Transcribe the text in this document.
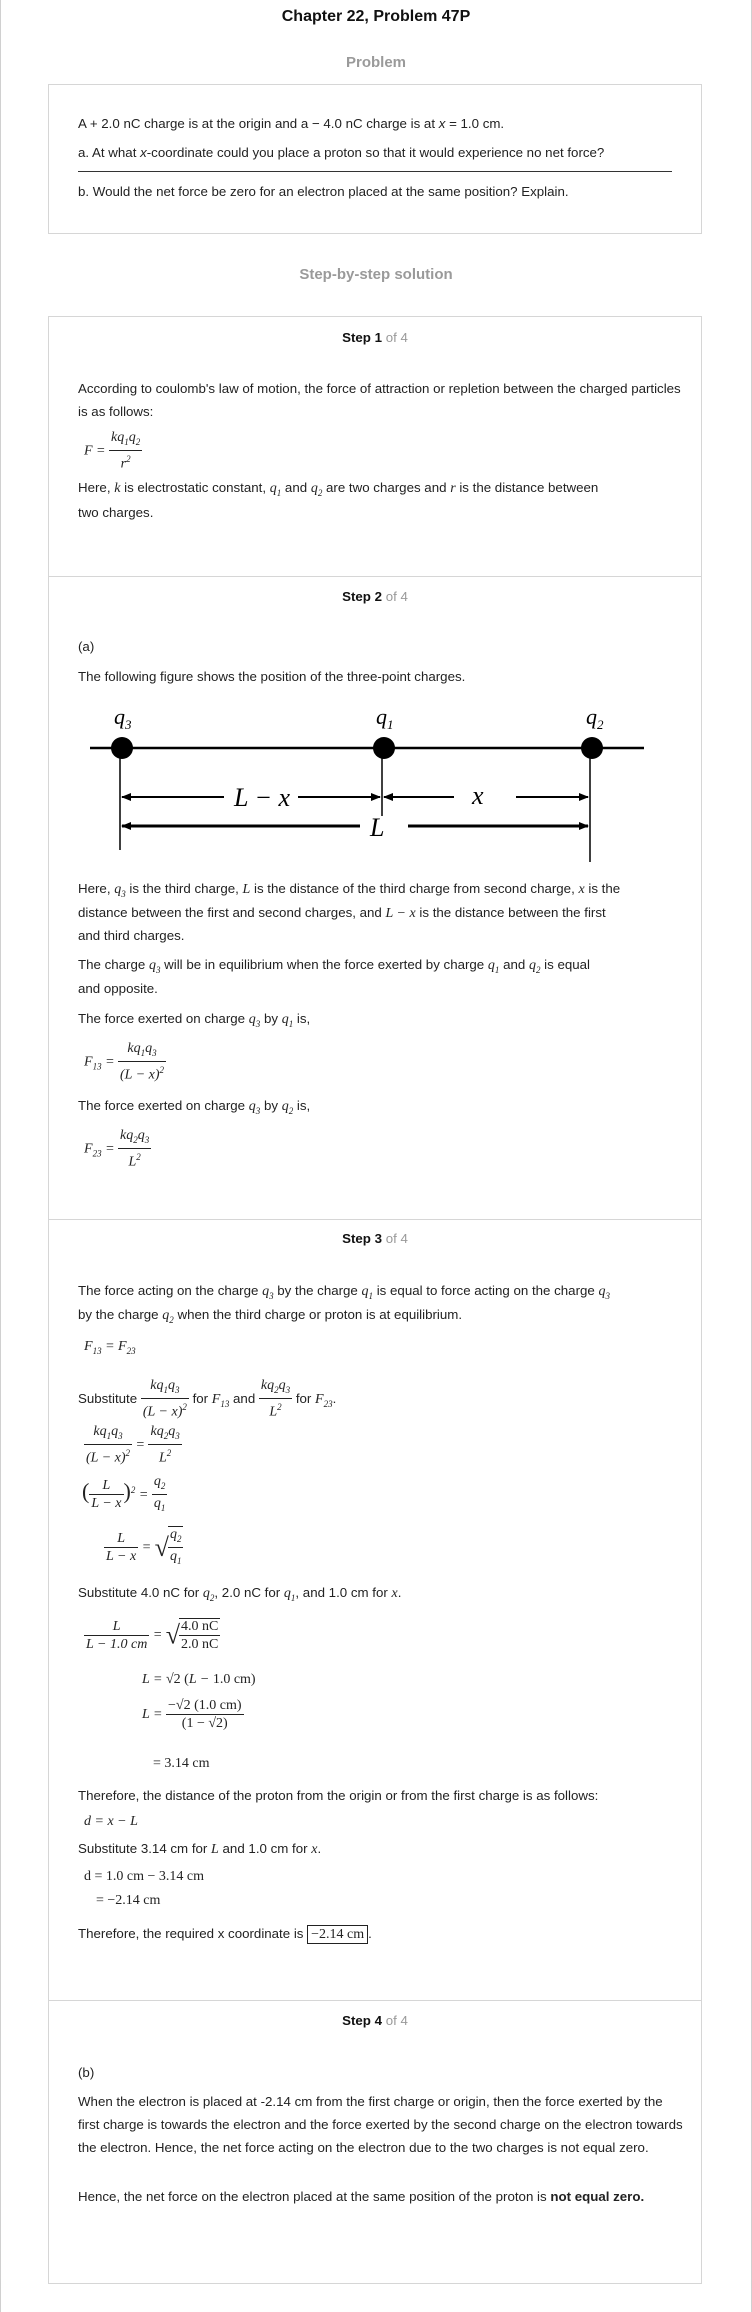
Chapter 22, Problem 47P
Problem
A + 2.0 nC charge is at the origin and a − 4.0 nC charge is at x = 1.0 cm.
a. At what x-coordinate could you place a proton so that it would experience no net force?
b. Would the net force be zero for an electron placed at the same position? Explain.
Step-by-step solution
Step 1 of 4
According to coulomb's law of motion, the force of attraction or repletion between the charged particles is as follows:
$F = \frac{kq_1q_2}{r^2}$
Here, k is electrostatic constant, $q_1$ and $q_2$ are two charges and r is the distance between
two charges.
Step 2 of 4
(a)
The following figure shows the position of the three-point charges.
$q_3$	$q_1$	$q_2$
L − x	x
L
Here, $q_3$ is the third charge, L is the distance of the third charge from second charge, x is the
distance between the first and second charges, and L − x is the distance between the first
and third charges.
The charge $q_3$ will be in equilibrium when the force exerted by charge $q_1$ and $q_2$ is equal
and opposite.
The force exerted on charge $q_3$ by $q_1$ is,
$F_{13} = \frac{kq_1q_3}{(L - x)^2}$
The force exerted on charge $q_3$ by $q_2$ is,
$F_{23} = \frac{kq_2q_3}{L^2}$
Step 3 of 4
The force acting on the charge $q_3$ by the charge $q_1$ is equal to force acting on the charge $q_3$
by the charge $q_2$ when the third charge or proton is at equilibrium.
$F_{13} = F_{23}$
Substitute $\frac{kq_1q_3}{(L - x)^2}$ for $F_{13}$ and $\frac{kq_2q_3}{L^2}$ for $F_{23}$.
$\frac{kq_1q_3}{(L - x)^2} = \frac{kq_2q_3}{L^2}$
( $\frac{L}{L - x} )^2 = \frac{q_2}{q_1}$
$\frac{L}{L - x}$ = √ $\frac{q_2}{q_1}$
Substitute 4.0 nC for $q_2$, 2.0 nC for $q_1$, and 1.0 cm for x.
$\frac{L}{L - 1.0 cm}$ = √ $\frac{4.0 nC}{2.0 nC}$
L = √2 (L − 1.0 cm)
$L = \frac{-√2 (1.0 cm)}{(1 - √2)}$
= 3.14 cm
Therefore, the distance of the proton from the origin or from the first charge is as follows:
d = x − L
Substitute 3.14 cm for L and 1.0 cm for x.
d = 1.0 cm − 3.14 cm
= −2.14 cm
Therefore, the required x coordinate is −2.14 cm .
Step 4 of 4
(b)
When the electron is placed at -2.14 cm from the first charge or origin, then the force exerted by the first charge is towards the electron and the force exerted by the second charge on the electron towards the electron. Hence, the net force acting on the electron due to the two charges is not equal zero.
Hence, the net force on the electron placed at the same position of the proton is not equal zero.
